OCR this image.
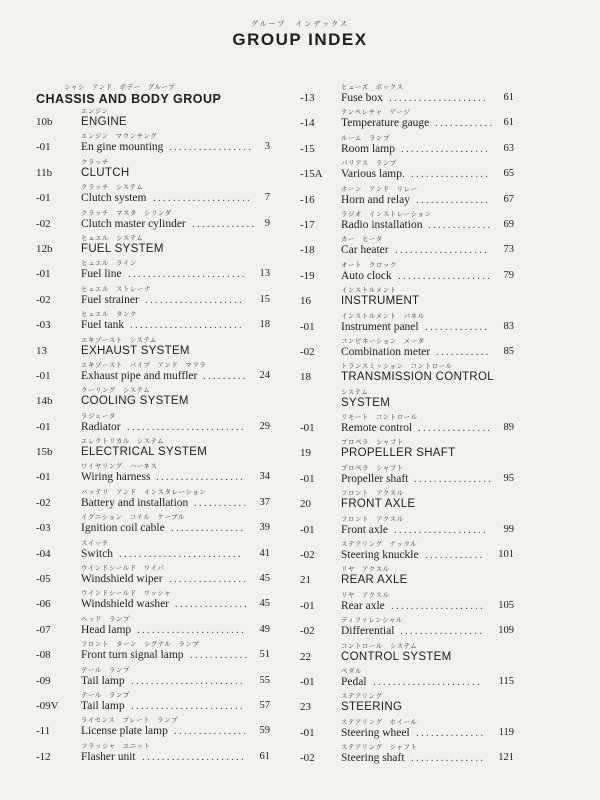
グループ　インデックス
GROUP INDEX
シャシ　アンド　ボデー　グループ
CHASSIS AND BODY GROUP
10b
エンジン
ENGINE
-01
エンジン　マウンチング
En gine mounting .................	3
11b
クラッチ
CLUTCH
-01
クラッチ　システム
Clutch system ....................	7
-02
クラッチ　マスタ　シリンダ
Clutch master cylinder ............. 9
12b
ヒュエル　システム
FUEL SYSTEM
-01
ヒュエル　ライン
Fuel line ........................	13
-02
ヒュエル　ストレーナ
Fuel strainer ....................	15
-03
ヒュエル　タンク
Fuel tank .......................	18
13
エキゾースト　システム
EXHAUST SYSTEM
-01
エキゾースト　パイプ　アンド　マフラ
Exhaust pipe and muffler .........	24
14b
クーリング　システム
COOLING SYSTEM
-01
ラジェータ
Radiator ........................	29
15b
エレクトリカル　システム
ELECTRICAL SYSTEM
-01
ワイヤリング　ハーネス
Wiring harness ..................	34
-02
バッテリ　アンド　インスタレーション
Battery and installation ...........	37
-03
イグニション　コイル　ケーブル
Ignition coil cable ...............	39
-04
スイッチ
Switch .........................	41
-05
ウインドシールド　ワイパ
Windshield wiper ................	45
-06
ウインドシールド　ワッシャ
Windshield washer ............... 45
-07
ヘッド　ランプ
Head lamp ......................	49
-08
フロント　ターン　シグナル　ランプ
Front turn signal lamp ............ 51
-09
テール　ランプ
Tail lamp .......................	55
-09V
テール　ランプ
Tail lamp .......................	57
-11
ライセンス　プレート　ランプ
License plate lamp ...............	59
-12
フラッシャ　ユニット
Flasher unit .....................	61
-13
ヒューズ　ボックス
Fuse box ....................	61
-14
テンペレチャ　ゲージ
Temperature gauge ............ 61
-15
ルーム　ランプ
Room lamp ..................	63
-15A
バリアス　ランプ
Various lamp. ................	65
-16
ホーン　アンド　リレー
Horn and relay ...............	67
-17
ラジオ　インストレーション
Radio installation .............	69
-18
カー　ヒータ
Car heater ...................	73
-19
オート　クロック
Auto clock ...................	79
16
インストルメント
INSTRUMENT
-01
インストルメント　パネル
Instrument panel .............	83
-02
コンビネーション　メータ
Combination meter ...........	85
18
トランスミッション　コントロール
TRANSMISSION CONTROL
システム
SYSTEM
-01
リモート　コントロール
Remote control ...............	89
19
プロペラ　シャフト
PROPELLER SHAFT
-01
プロペラ　シャフト
Propeller shaft ................ 95
20
フロント　アクスル
FRONT AXLE
-01
フロント　アクスル
Front axle ...................	99
-02
ステアリング　ナックル
Steering knuckle ............	101
21
リヤ　アクスル
REAR AXLE
-01
リヤ　アクスル
Rear axle ...................	105
-02
ディファレンシャル
Differential .................	109
22
コントロール　システム
CONTROL SYSTEM
-01
ペダル
Pedal ......................	115
23
ステアリング
STEERING
-01
ステアリング　ホイール
Steering wheel ..............	119
-02
ステアリング　シャフト
Steering shaft ...............	121
